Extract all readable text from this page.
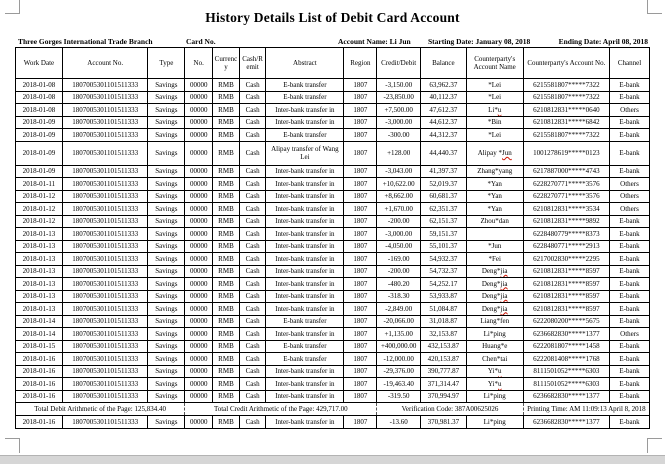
History Details List of Debit Card Account
Three Gorges International Trade Branch	Card No.	Account Name: Li Jun Starting Date: January 08, 2018	Ending Date: April 08, 2018
Work Date	Account No.	Type	No.	Currency	Cash/Remit	Abstract	Region	Credit/Debit	Balance	Counterparty's Account Name	Counterparty's Account No.	Channel
2018-01-08	1807005301101511333	Savings	00000	RMB	Cash	E-bank transfer	1807	-3,150.00	63,962.37	*Lei	6215581807*****7322	E-bank
2018-01-08	1807005301101511333	Savings	00000	RMB	Cash	E-bank transfer	1807	-23,850.00	40,112.37	*Lei	6215581807*****7322	E-bank
2018-01-08	1807005301101511333	Savings	00000	RMB	Cash	Inter-bank transfer in	1807	+7,500.00	47,612.37	Li*u	6210812831*****0640	Others
2018-01-09	1807005301101511333	Savings	00000	RMB	Cash	Inter-bank transfer in	1807	-3,000.00	44,612.37	*Bin	6210812831*****6842	E-bank
2018-01-09	1807005301101511333	Savings	00000	RMB	Cash	E-bank transfer	1807	-300.00	44,312.37	*Lei	6215581807*****7322	E-bank
2018-01-09	1807005301101511333	Savings	00000	RMB	Cash	Alipay transfer of Wang Lei	1807	+128.00	44,440.37	Alipay *Jun	1001278619*****0123	E-bank
2018-01-09	1807005301101511333	Savings	00000	RMB	Cash	Inter-bank transfer in	1807	-3,043.00	41,397.37	Zhang*yang	6217887000*****4743	E-bank
2018-01-11	1807005301101511333	Savings	00000	RMB	Cash	Inter-bank transfer in	1807	+10,622.00	52,019.37	*Yan	6228270771*****3576	Others
2018-01-12	1807005301101511333	Savings	00000	RMB	Cash	Inter-bank transfer in	1807	+8,662.00	60,681.37	*Yan	6228270771*****3576	Others
2018-01-12	1807005301101511333	Savings	00000	RMB	Cash	Inter-bank transfer in	1807	+1,670.00	62,351.37	*Yan	6210812831*****3534	Others
2018-01-12	1807005301101511333	Savings	00000	RMB	Cash	Inter-bank transfer in	1807	-200.00	62,151.37	Zhou*dan	6210812831*****9892	E-bank
2018-01-13	1807005301101511333	Savings	00000	RMB	Cash	Inter-bank transfer in	1807	-3,000.00	59,151.37		6228480779*****8373	E-bank
2018-01-13	1807005301101511333	Savings	00000	RMB	Cash	Inter-bank transfer in	1807	-4,050.00	55,101.37	*Jun	6228480771*****2913	E-bank
2018-01-13	1807005301101511333	Savings	00000	RMB	Cash	Inter-bank transfer in	1807	-169.00	54,932.37	*Fei	6217002830*****2295	E-bank
2018-01-13	1807005301101511333	Savings	00000	RMB	Cash	Inter-bank transfer in	1807	-200.00	54,732.37	Deng*jia	6210812831*****8597	E-bank
2018-01-13	1807005301101511333	Savings	00000	RMB	Cash	Inter-bank transfer in	1807	-480.20	54,252.17	Deng*jia	6210812831*****8597	E-bank
2018-01-13	1807005301101511333	Savings	00000	RMB	Cash	Inter-bank transfer in	1807	-318.30	53,933.87	Deng*jia	6210812831*****8597	E-bank
2018-01-13	1807005301101511333	Savings	00000	RMB	Cash	Inter-bank transfer in	1807	-2,849.00	51,084.87	Deng*jia	6210812831*****8597	E-bank
2018-01-14	1807005301101511333	Savings	00000	RMB	Cash	E-bank transfer	1807	-20,066.00	31,018.87	Liang*fen	6222080200*****5675	E-bank
2018-01-14	1807005301101511333	Savings	00000	RMB	Cash	Inter-bank transfer in	1807	+1,135.00	32,153.87	Li*ping	6236682830*****1377	Others
2018-01-15	1807005301101511333	Savings	00000	RMB	Cash	E-bank transfer	1807	+400,000.00	432,153.87	Huang*e	6222081807*****1458	E-bank
2018-01-16	1807005301101511333	Savings	00000	RMB	Cash	E-bank transfer	1807	-12,000.00	420,153.87	Chen*tai	6222081408*****1768	E-bank
2018-01-16	1807005301101511333	Savings	00000	RMB	Cash	Inter-bank transfer in	1807	-29,376.00	390,777.87	Yi*u	8111501052*****6303	E-bank
2018-01-16	1807005301101511333	Savings	00000	RMB	Cash	Inter-bank transfer in	1807	-19,463.40	371,314.47	Yi*u	8111501052*****6303	E-bank
2018-01-16	1807005301101511333	Savings	00000	RMB	Cash	Inter-bank transfer in	1807	-319.50	370,994.97	Li*ping	6236682830*****1377	E-bank
Total Debit Arithmetic of the Page: 125,834.40			Total Credit Arithmetic of the Page: 429,717.00					Verification Code: 387A00625026			Printing Time: AM 11:09:13 April 8, 2018	
2018-01-16	1807005301101511333	Savings	00000	RMB	Cash	Inter-bank transfer in	1807	-13.60	370,981.37	Li*ping	6236682830*****1377	E-bank
